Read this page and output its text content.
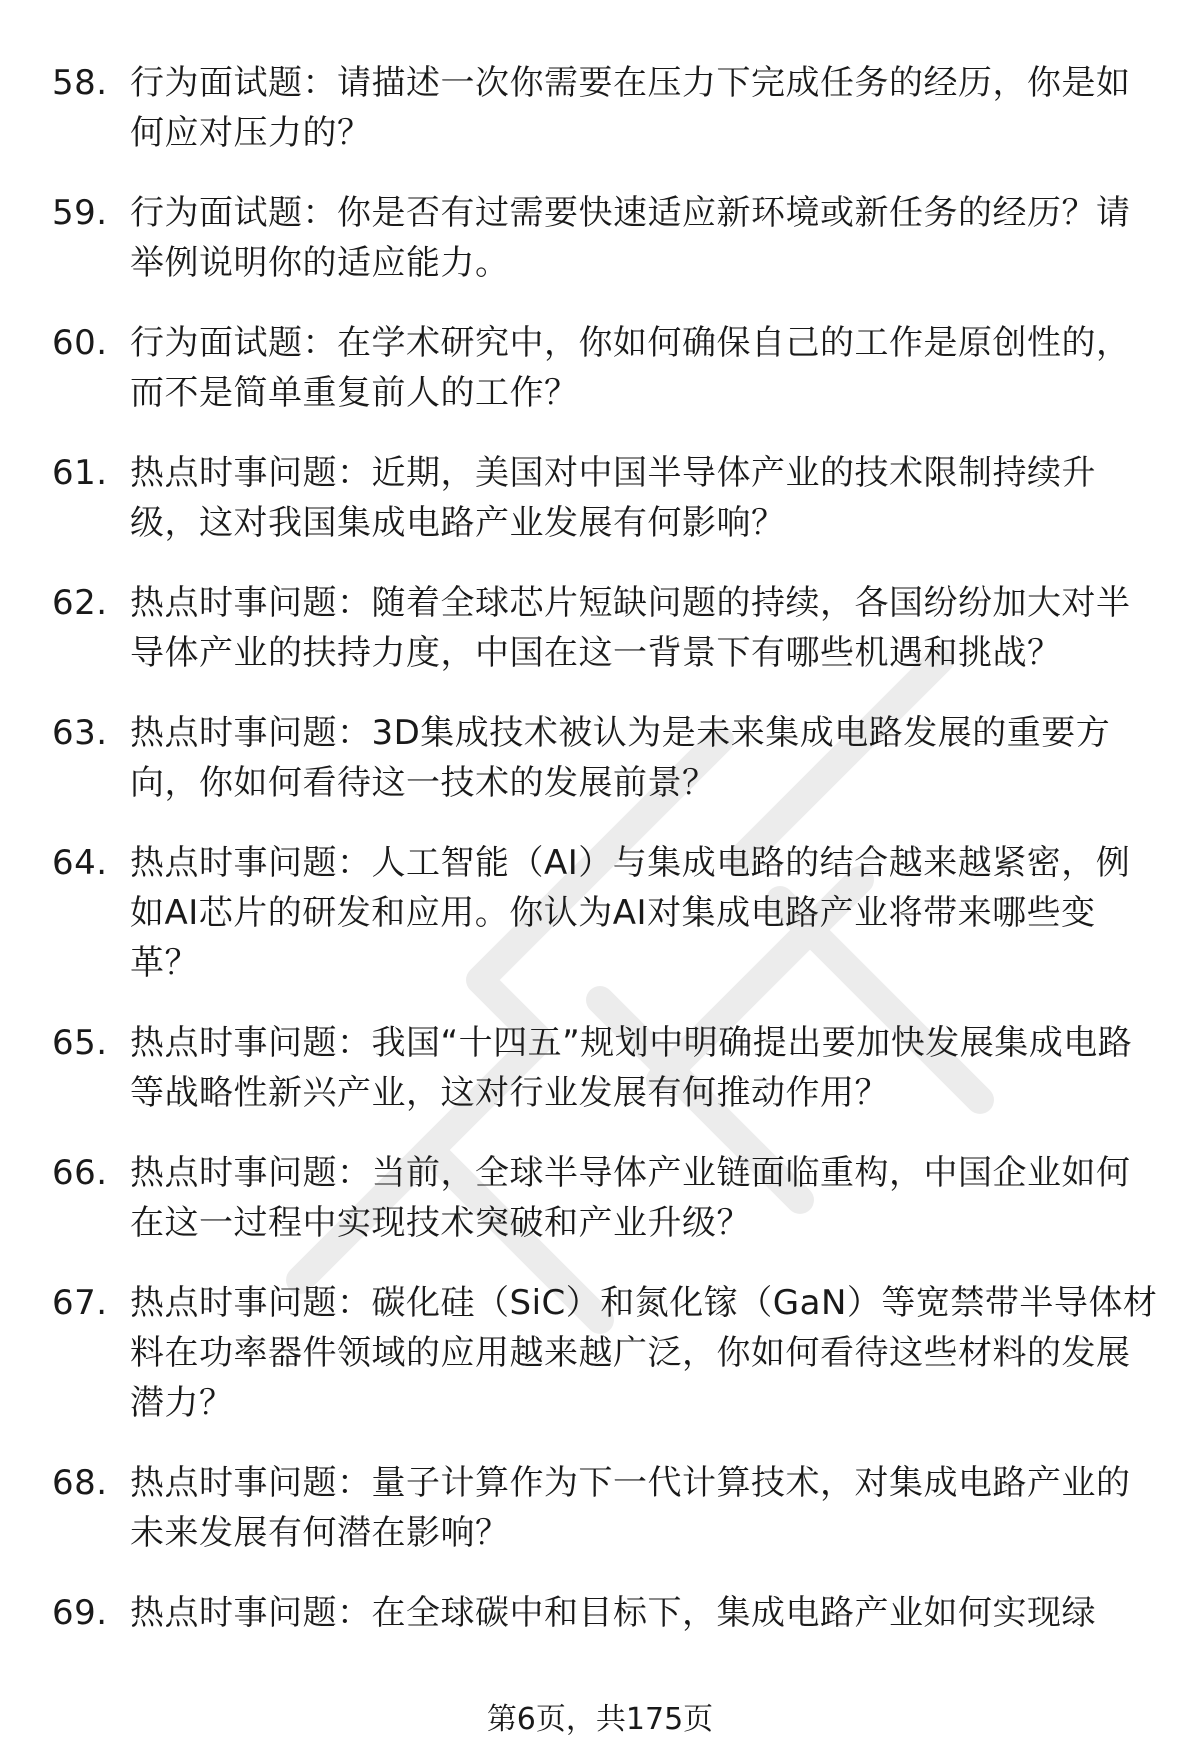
58. 行为面试题：请描述一次你需要在压力下完成任务的经历，你是如何应对压力的？
59. 行为面试题：你是否有过需要快速适应新环境或新任务的经历？请举例说明你的适应能力。
60. 行为面试题：在学术研究中，你如何确保自己的工作是原创性的，而不是简单重复前人的工作？
61. 热点时事问题：近期，美国对中国半导体产业的技术限制持续升级，这对我国集成电路产业发展有何影响？
62. 热点时事问题：随着全球芯片短缺问题的持续，各国纷纷加大对半导体产业的扶持力度，中国在这一背景下有哪些机遇和挑战？
63. 热点时事问题：3D集成技术被认为是未来集成电路发展的重要方向，你如何看待这一技术的发展前景？
64. 热点时事问题：人工智能（AI）与集成电路的结合越来越紧密，例如AI芯片的研发和应用。你认为AI对集成电路产业将带来哪些变革？
65. 热点时事问题：我国“十四五”规划中明确提出要加快发展集成电路等战略性新兴产业，这对行业发展有何推动作用？
66. 热点时事问题：当前，全球半导体产业链面临重构，中国企业如何在这一过程中实现技术突破和产业升级？
67. 热点时事问题：碳化硅（SiC）和氮化镓（GaN）等宽禁带半导体材料在功率器件领域的应用越来越广泛，你如何看待这些材料的发展潜力？
68. 热点时事问题：量子计算作为下一代计算技术，对集成电路产业的未来发展有何潜在影响？
69. 热点时事问题：在全球碳中和目标下，集成电路产业如何实现绿
第6页，共175页
